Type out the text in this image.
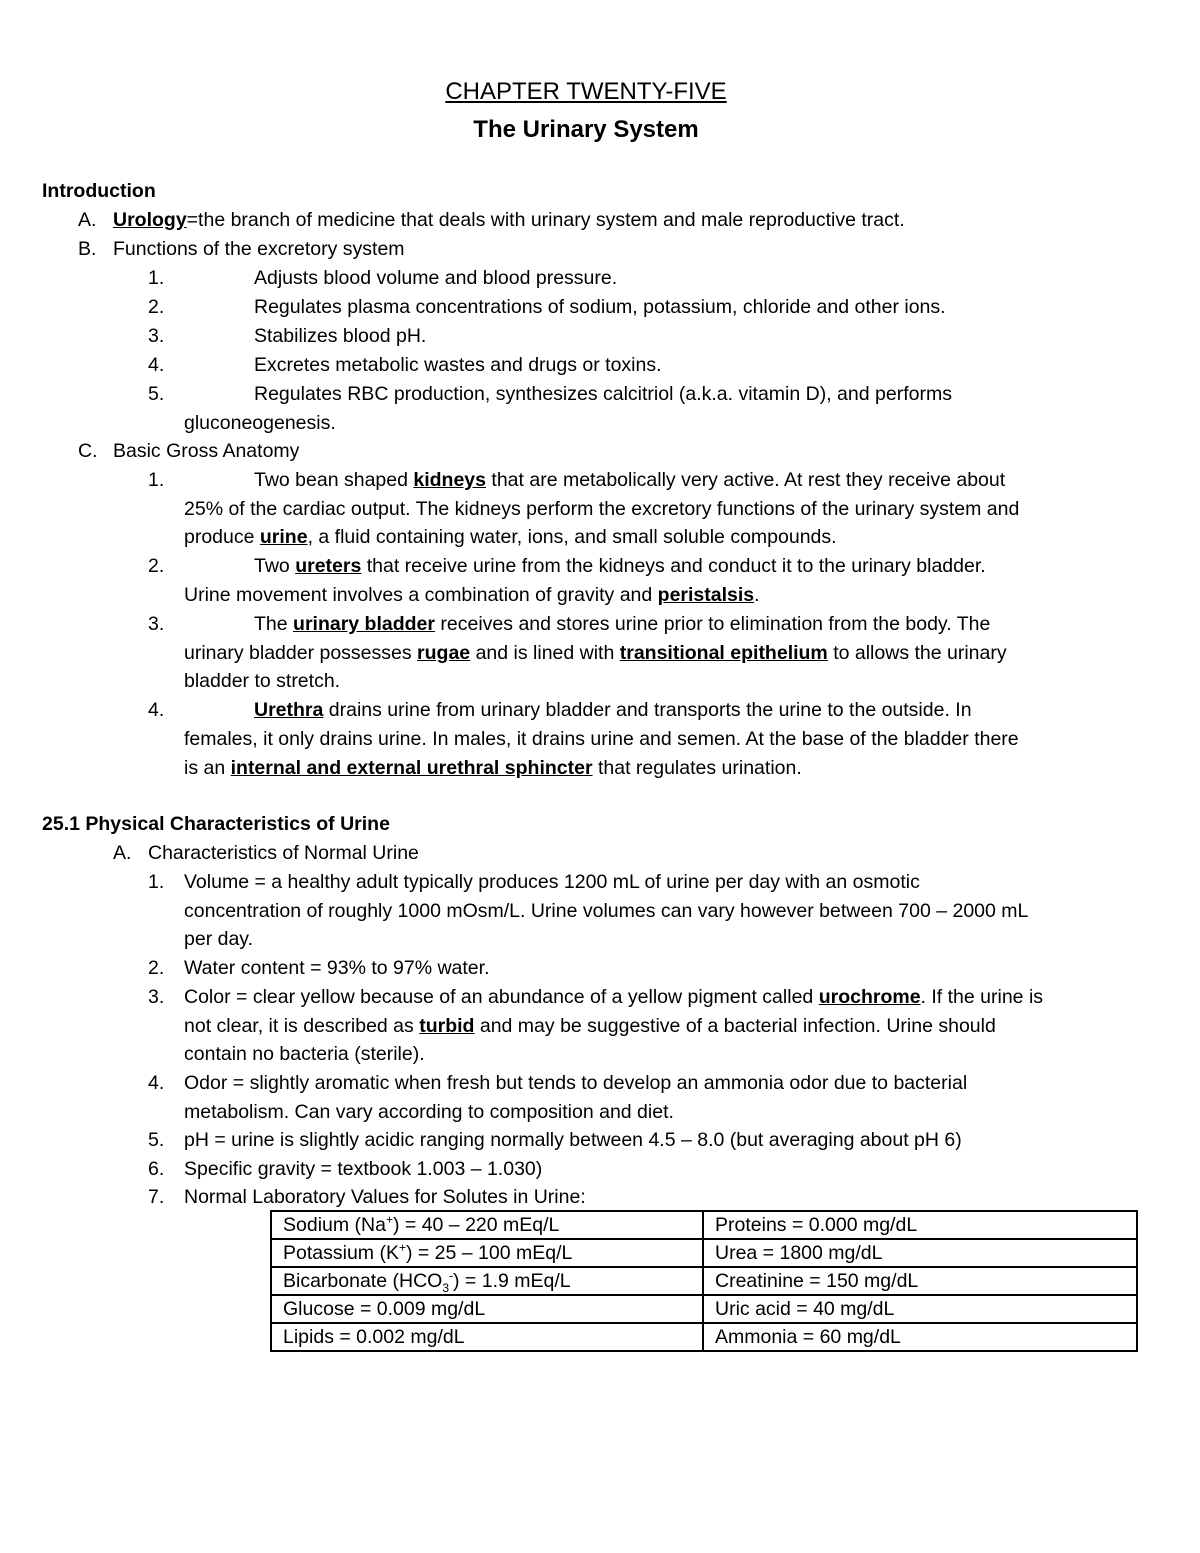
CHAPTER TWENTY-FIVE
The Urinary System
Introduction
A. Urology=the branch of medicine that deals with urinary system and male reproductive tract.
B. Functions of the excretory system
1.	Adjusts blood volume and blood pressure.
2.	Regulates plasma concentrations of sodium, potassium, chloride and other ions.
3.	Stabilizes blood pH.
4.	Excretes metabolic wastes and drugs or toxins.
5.	Regulates RBC production, synthesizes calcitriol (a.k.a. vitamin D), and performs
gluconeogenesis.
C. Basic Gross Anatomy
1.	Two bean shaped kidneys that are metabolically very active. At rest they receive about
25% of the cardiac output. The kidneys perform the excretory functions of the urinary system and
produce urine, a fluid containing water, ions, and small soluble compounds.
2.	Two ureters that receive urine from the kidneys and conduct it to the urinary bladder.
Urine movement involves a combination of gravity and peristalsis.
3.	The urinary bladder receives and stores urine prior to elimination from the body. The
urinary bladder possesses rugae and is lined with transitional epithelium to allows the urinary
bladder to stretch.
4.	Urethra drains urine from urinary bladder and transports the urine to the outside. In
females, it only drains urine. In males, it drains urine and semen. At the base of the bladder there
is an internal and external urethral sphincter that regulates urination.
25.1 Physical Characteristics of Urine
A. Characteristics of Normal Urine
1. Volume = a healthy adult typically produces 1200 mL of urine per day with an osmotic
concentration of roughly 1000 mOsm/L. Urine volumes can vary however between 700 – 2000 mL
per day.
2. Water content = 93% to 97% water.
3. Color = clear yellow because of an abundance of a yellow pigment called urochrome. If the urine is
not clear, it is described as turbid and may be suggestive of a bacterial infection. Urine should
contain no bacteria (sterile).
4. Odor = slightly aromatic when fresh but tends to develop an ammonia odor due to bacterial
metabolism. Can vary according to composition and diet.
5. pH = urine is slightly acidic ranging normally between 4.5 – 8.0 (but averaging about pH 6)
6. Specific gravity = textbook 1.003 – 1.030)
7. Normal Laboratory Values for Solutes in Urine:
Sodium (Na+) = 40 – 220 mEq/L	Proteins = 0.000 mg/dL
Potassium (K+) = 25 – 100 mEq/L	Urea = 1800 mg/dL
Bicarbonate $(HCO_3^-) = 1.9$ mEq/L	Creatinine = 150 mg/dL
Glucose = 0.009 mg/dL	Uric acid = 40 mg/dL
Lipids = 0.002 mg/dL	Ammonia = 60 mg/dL
